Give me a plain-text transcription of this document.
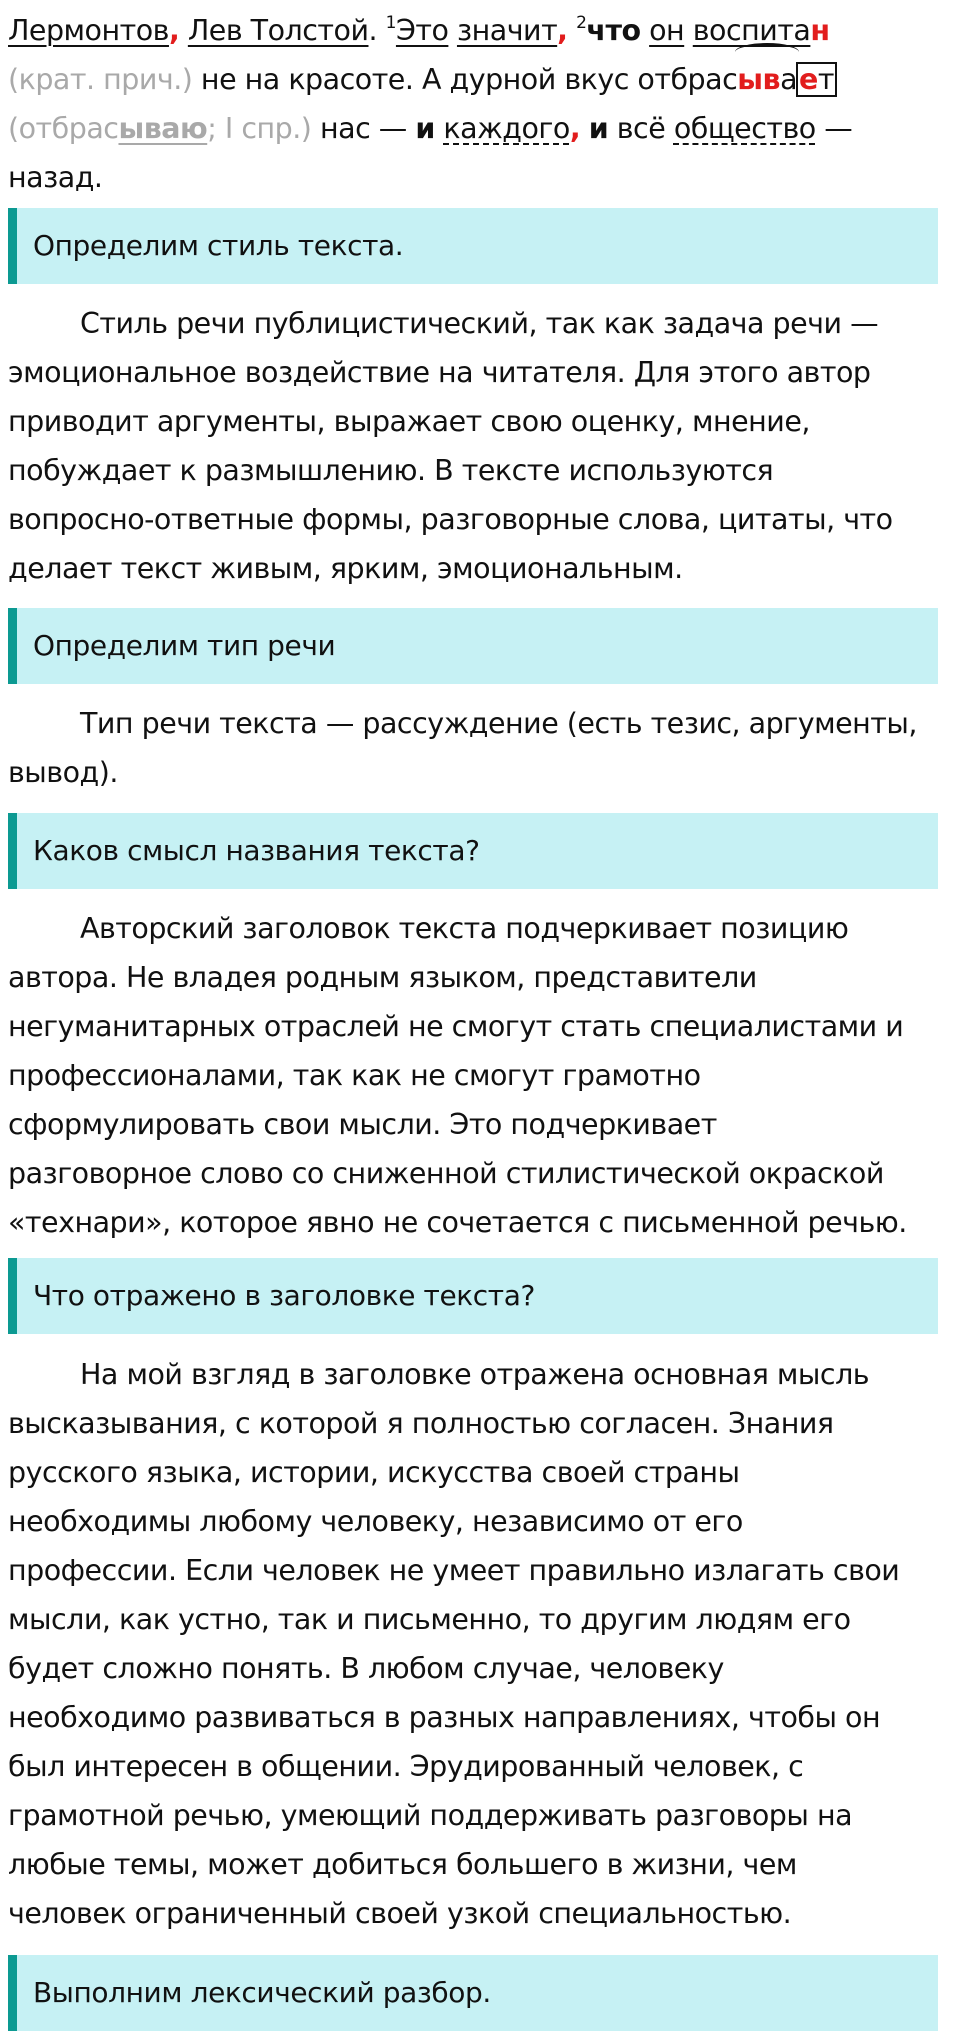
Лермонтов, Лев Толстой. $^1$Это значит, $^2$что он воспитан
(крат. прич.) не на красоте. А дурной вкус отбрас
ывает
(отбрасываю; I спр.) нас — и каждого, и всё общество —
назад.
Определим стиль текста.
Стиль речи публицистический, так как задача речи —
эмоциональное воздействие на читателя. Для этого автор
приводит аргументы, выражает свою оценку, мнение,
побуждает к размышлению. В тексте используются
вопросно-ответные формы, разговорные слова, цитаты, что
делает текст живым, ярким, эмоциональным.
Определим тип речи
Тип речи текста — рассуждение (есть тезис, аргументы,
вывод).
Каков смысл названия текста?
Авторский заголовок текста подчеркивает позицию
автора. Не владея родным языком, представители
негуманитарных отраслей не смогут стать специалистами и
профессионалами, так как не смогут грамотно
сформулировать свои мысли. Это подчеркивает
разговорное слово со сниженной стилистической окраской
«технари», которое явно не сочетается с письменной речью.
Что отражено в заголовке текста?
На мой взгляд в заголовке отражена основная мысль
высказывания, с которой я полностью согласен. Знания
русского языка, истории, искусства своей страны
необходимы любому человеку, независимо от его
профессии. Если человек не умеет правильно излагать свои
мысли, как устно, так и письменно, то другим людям его
будет сложно понять. В любом случае, человеку
необходимо развиваться в разных направлениях, чтобы он
был интересен в общении. Эрудированный человек, с
грамотной речью, умеющий поддерживать разговоры на
любые темы, может добиться большего в жизни, чем
человек ограниченный своей узкой специальностью.
Выполним лексический разбор.
